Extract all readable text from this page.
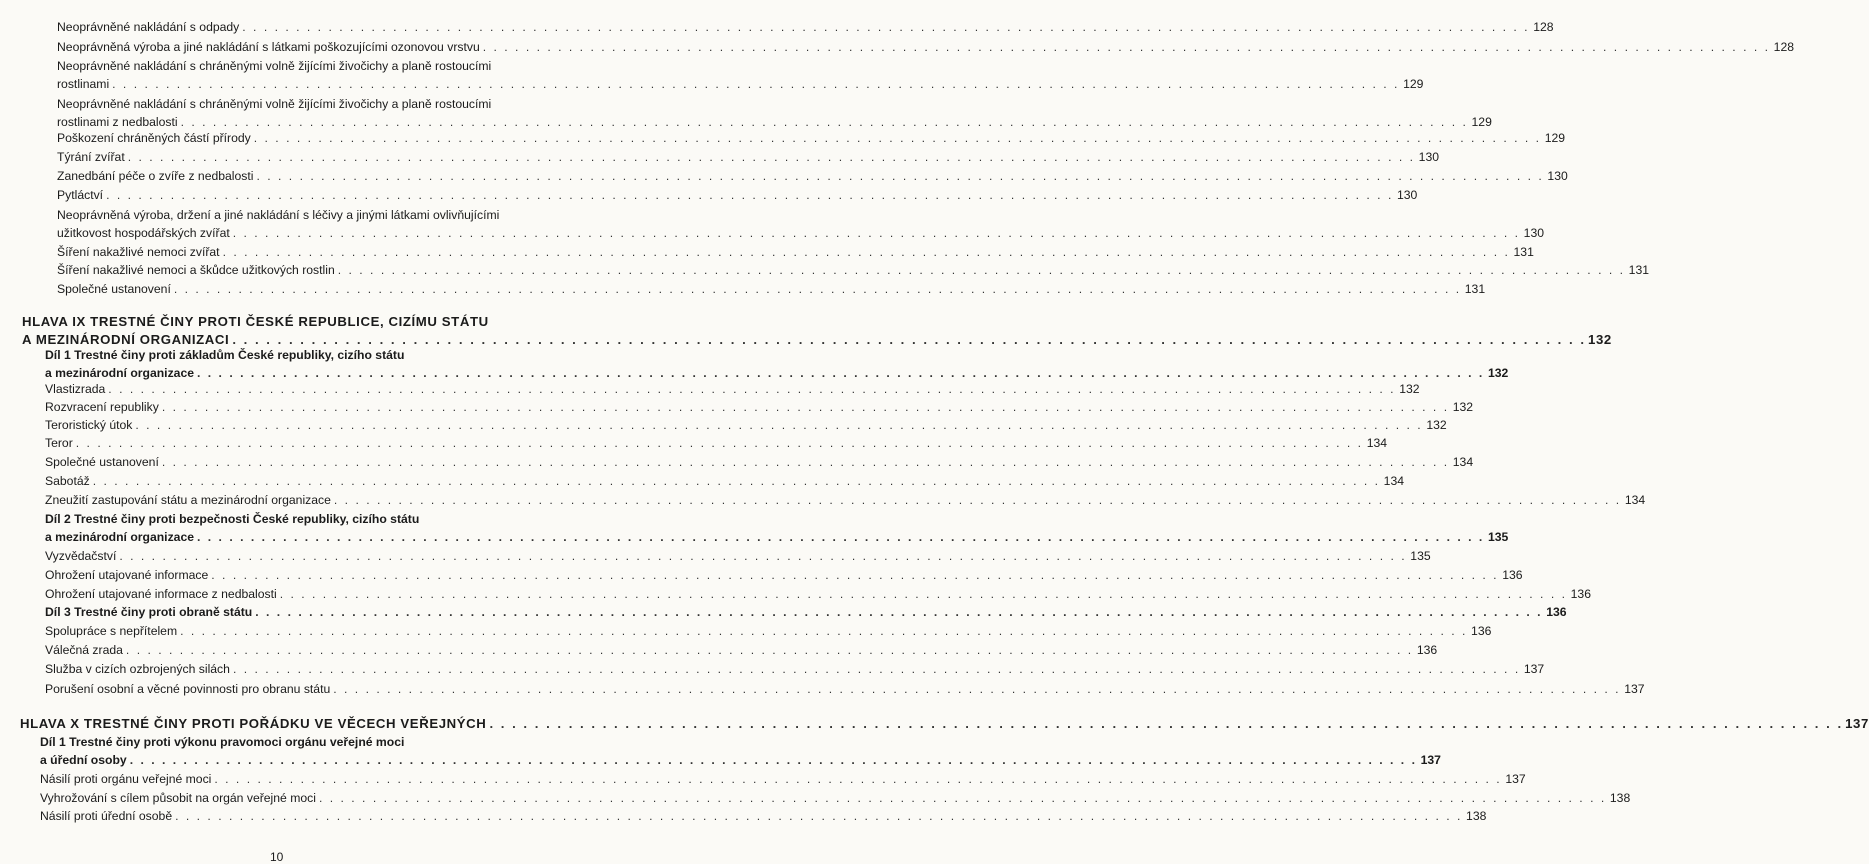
Neoprávněné nakládání s odpady . . . . . . . . . . . . . . . . . . . . . . . . . . . . . . . . . . . . . . . . . . . . . . . . . . . . . . . . . . . . . . . . . . . . . . . . . . . . . . . . . . . . . . . . . . . . . . . . . . . . . . . . . . . . . . . . . . . . . . . . 128
Neoprávněná výroba a jiné nakládání s látkami poškozujícími ozonovou vrstvu . . . . . . . . . . . . . . . . . . . . . . . . . . . . . . . . . . . . . . . . . . . . . . . . . . . . . . . . . . . . . . . . . . . . . . . . . . . . . . . . . . . . . . . . . . . . . . . . . . . . . . . . . . . . . . . . . . . . . . . . 128
Neoprávněné nakládání s chráněnými volně žijícími živočichy a planě rostoucími
rostlinami . . . . . . . . . . . . . . . . . . . . . . . . . . . . . . . . . . . . . . . . . . . . . . . . . . . . . . . . . . . . . . . . . . . . . . . . . . . . . . . . . . . . . . . . . . . . . . . . . . . . . . . . . . . . . . . . . . . . . . . . 129
Neoprávněné nakládání s chráněnými volně žijícími živočichy a planě rostoucími
rostlinami z nedbalosti . . . . . . . . . . . . . . . . . . . . . . . . . . . . . . . . . . . . . . . . . . . . . . . . . . . . . . . . . . . . . . . . . . . . . . . . . . . . . . . . . . . . . . . . . . . . . . . . . . . . . . . . . . . . . . . . . . . . . . . . 129
Poškození chráněných částí přírody . . . . . . . . . . . . . . . . . . . . . . . . . . . . . . . . . . . . . . . . . . . . . . . . . . . . . . . . . . . . . . . . . . . . . . . . . . . . . . . . . . . . . . . . . . . . . . . . . . . . . . . . . . . . . . . . . . . . . . . . 129
Týrání zvířat . . . . . . . . . . . . . . . . . . . . . . . . . . . . . . . . . . . . . . . . . . . . . . . . . . . . . . . . . . . . . . . . . . . . . . . . . . . . . . . . . . . . . . . . . . . . . . . . . . . . . . . . . . . . . . . . . . . . . . . . 130
Zanedbání péče o zvíře z nedbalosti . . . . . . . . . . . . . . . . . . . . . . . . . . . . . . . . . . . . . . . . . . . . . . . . . . . . . . . . . . . . . . . . . . . . . . . . . . . . . . . . . . . . . . . . . . . . . . . . . . . . . . . . . . . . . . . . . . . . . . . . 130
Pytláctví . . . . . . . . . . . . . . . . . . . . . . . . . . . . . . . . . . . . . . . . . . . . . . . . . . . . . . . . . . . . . . . . . . . . . . . . . . . . . . . . . . . . . . . . . . . . . . . . . . . . . . . . . . . . . . . . . . . . . . . . 130
Neoprávněná výroba, držení a jiné nakládání s léčivy a jinými látkami ovlivňujícími
užitkovost hospodářských zvířat . . . . . . . . . . . . . . . . . . . . . . . . . . . . . . . . . . . . . . . . . . . . . . . . . . . . . . . . . . . . . . . . . . . . . . . . . . . . . . . . . . . . . . . . . . . . . . . . . . . . . . . . . . . . . . . . . . . . . . . . 130
Šíření nakažlivé nemoci zvířat . . . . . . . . . . . . . . . . . . . . . . . . . . . . . . . . . . . . . . . . . . . . . . . . . . . . . . . . . . . . . . . . . . . . . . . . . . . . . . . . . . . . . . . . . . . . . . . . . . . . . . . . . . . . . . . . . . . . . . . . 131
Šíření nakažlivé nemoci a škůdce užitkových rostlin . . . . . . . . . . . . . . . . . . . . . . . . . . . . . . . . . . . . . . . . . . . . . . . . . . . . . . . . . . . . . . . . . . . . . . . . . . . . . . . . . . . . . . . . . . . . . . . . . . . . . . . . . . . . . . . . . . . . . . . . 131
Společné ustanovení . . . . . . . . . . . . . . . . . . . . . . . . . . . . . . . . . . . . . . . . . . . . . . . . . . . . . . . . . . . . . . . . . . . . . . . . . . . . . . . . . . . . . . . . . . . . . . . . . . . . . . . . . . . . . . . . . . . . . . . . 131
HLAVA IX TRESTNÉ ČINY PROTI ČESKÉ REPUBLICE, CIZÍMU STÁTU
A MEZINÁRODNÍ ORGANIZACI . . . . . . . . . . . . . . . . . . . . . . . . . . . . . . . . . . . . . . . . . . . . . . . . . . . . . . . . . . . . . . . . . . . . . . . . . . . . . . . . . . . . . . . . . . . . . . . . . . . . . . . . . . . . . . . . . . . . . . . . 132
Díl 1 Trestné činy proti základům České republiky, cizího státu
a mezinárodní organizace . . . . . . . . . . . . . . . . . . . . . . . . . . . . . . . . . . . . . . . . . . . . . . . . . . . . . . . . . . . . . . . . . . . . . . . . . . . . . . . . . . . . . . . . . . . . . . . . . . . . . . . . . . . . . . . . . . . . . . . . 132
Vlastizrada . . . . . . . . . . . . . . . . . . . . . . . . . . . . . . . . . . . . . . . . . . . . . . . . . . . . . . . . . . . . . . . . . . . . . . . . . . . . . . . . . . . . . . . . . . . . . . . . . . . . . . . . . . . . . . . . . . . . . . . . 132
Rozvracení republiky . . . . . . . . . . . . . . . . . . . . . . . . . . . . . . . . . . . . . . . . . . . . . . . . . . . . . . . . . . . . . . . . . . . . . . . . . . . . . . . . . . . . . . . . . . . . . . . . . . . . . . . . . . . . . . . . . . . . . . . . 132
Teroristický útok . . . . . . . . . . . . . . . . . . . . . . . . . . . . . . . . . . . . . . . . . . . . . . . . . . . . . . . . . . . . . . . . . . . . . . . . . . . . . . . . . . . . . . . . . . . . . . . . . . . . . . . . . . . . . . . . . . . . . . . . 132
Teror . . . . . . . . . . . . . . . . . . . . . . . . . . . . . . . . . . . . . . . . . . . . . . . . . . . . . . . . . . . . . . . . . . . . . . . . . . . . . . . . . . . . . . . . . . . . . . . . . . . . . . . . . . . . . . . . . . . . . . . . 134
Společné ustanovení . . . . . . . . . . . . . . . . . . . . . . . . . . . . . . . . . . . . . . . . . . . . . . . . . . . . . . . . . . . . . . . . . . . . . . . . . . . . . . . . . . . . . . . . . . . . . . . . . . . . . . . . . . . . . . . . . . . . . . . . 134
Sabotáž . . . . . . . . . . . . . . . . . . . . . . . . . . . . . . . . . . . . . . . . . . . . . . . . . . . . . . . . . . . . . . . . . . . . . . . . . . . . . . . . . . . . . . . . . . . . . . . . . . . . . . . . . . . . . . . . . . . . . . . . 134
Zneužití zastupování státu a mezinárodní organizace . . . . . . . . . . . . . . . . . . . . . . . . . . . . . . . . . . . . . . . . . . . . . . . . . . . . . . . . . . . . . . . . . . . . . . . . . . . . . . . . . . . . . . . . . . . . . . . . . . . . . . . . . . . . . . . . . . . . . . . . 134
Díl 2 Trestné činy proti bezpečnosti České republiky, cizího státu
a mezinárodní organizace . . . . . . . . . . . . . . . . . . . . . . . . . . . . . . . . . . . . . . . . . . . . . . . . . . . . . . . . . . . . . . . . . . . . . . . . . . . . . . . . . . . . . . . . . . . . . . . . . . . . . . . . . . . . . . . . . . . . . . . . 135
Vyzvědačství . . . . . . . . . . . . . . . . . . . . . . . . . . . . . . . . . . . . . . . . . . . . . . . . . . . . . . . . . . . . . . . . . . . . . . . . . . . . . . . . . . . . . . . . . . . . . . . . . . . . . . . . . . . . . . . . . . . . . . . . 135
Ohrožení utajované informace . . . . . . . . . . . . . . . . . . . . . . . . . . . . . . . . . . . . . . . . . . . . . . . . . . . . . . . . . . . . . . . . . . . . . . . . . . . . . . . . . . . . . . . . . . . . . . . . . . . . . . . . . . . . . . . . . . . . . . . . 136
Ohrožení utajované informace z nedbalosti . . . . . . . . . . . . . . . . . . . . . . . . . . . . . . . . . . . . . . . . . . . . . . . . . . . . . . . . . . . . . . . . . . . . . . . . . . . . . . . . . . . . . . . . . . . . . . . . . . . . . . . . . . . . . . . . . . . . . . . . 136
Díl 3 Trestné činy proti obraně státu . . . . . . . . . . . . . . . . . . . . . . . . . . . . . . . . . . . . . . . . . . . . . . . . . . . . . . . . . . . . . . . . . . . . . . . . . . . . . . . . . . . . . . . . . . . . . . . . . . . . . . . . . . . . . . . . . . . . . . . . 136
Spolupráce s nepřítelem . . . . . . . . . . . . . . . . . . . . . . . . . . . . . . . . . . . . . . . . . . . . . . . . . . . . . . . . . . . . . . . . . . . . . . . . . . . . . . . . . . . . . . . . . . . . . . . . . . . . . . . . . . . . . . . . . . . . . . . . 136
Válečná zrada . . . . . . . . . . . . . . . . . . . . . . . . . . . . . . . . . . . . . . . . . . . . . . . . . . . . . . . . . . . . . . . . . . . . . . . . . . . . . . . . . . . . . . . . . . . . . . . . . . . . . . . . . . . . . . . . . . . . . . . . 136
Služba v cizích ozbrojených silách . . . . . . . . . . . . . . . . . . . . . . . . . . . . . . . . . . . . . . . . . . . . . . . . . . . . . . . . . . . . . . . . . . . . . . . . . . . . . . . . . . . . . . . . . . . . . . . . . . . . . . . . . . . . . . . . . . . . . . . . 137
Porušení osobní a věcné povinnosti pro obranu státu . . . . . . . . . . . . . . . . . . . . . . . . . . . . . . . . . . . . . . . . . . . . . . . . . . . . . . . . . . . . . . . . . . . . . . . . . . . . . . . . . . . . . . . . . . . . . . . . . . . . . . . . . . . . . . . . . . . . . . . . 137
HLAVA X TRESTNÉ ČINY PROTI POŘÁDKU VE VĚCECH VEŘEJNÝCH . . . . . . . . . . . . . . . . . . . . . . . . . . . . . . . . . . . . . . . . . . . . . . . . . . . . . . . . . . . . . . . . . . . . . . . . . . . . . . . . . . . . . . . . . . . . . . . . . . . . . . . . . . . . . . . . . . . . . . . . 137
Díl 1 Trestné činy proti výkonu pravomoci orgánu veřejné moci
a úřední osoby . . . . . . . . . . . . . . . . . . . . . . . . . . . . . . . . . . . . . . . . . . . . . . . . . . . . . . . . . . . . . . . . . . . . . . . . . . . . . . . . . . . . . . . . . . . . . . . . . . . . . . . . . . . . . . . . . . . . . . . . 137
Násilí proti orgánu veřejné moci . . . . . . . . . . . . . . . . . . . . . . . . . . . . . . . . . . . . . . . . . . . . . . . . . . . . . . . . . . . . . . . . . . . . . . . . . . . . . . . . . . . . . . . . . . . . . . . . . . . . . . . . . . . . . . . . . . . . . . . . 137
Vyhrožování s cílem působit na orgán veřejné moci . . . . . . . . . . . . . . . . . . . . . . . . . . . . . . . . . . . . . . . . . . . . . . . . . . . . . . . . . . . . . . . . . . . . . . . . . . . . . . . . . . . . . . . . . . . . . . . . . . . . . . . . . . . . . . . . . . . . . . . . 138
Násilí proti úřední osobě . . . . . . . . . . . . . . . . . . . . . . . . . . . . . . . . . . . . . . . . . . . . . . . . . . . . . . . . . . . . . . . . . . . . . . . . . . . . . . . . . . . . . . . . . . . . . . . . . . . . . . . . . . . . . . . . . . . . . . . . 138
10
